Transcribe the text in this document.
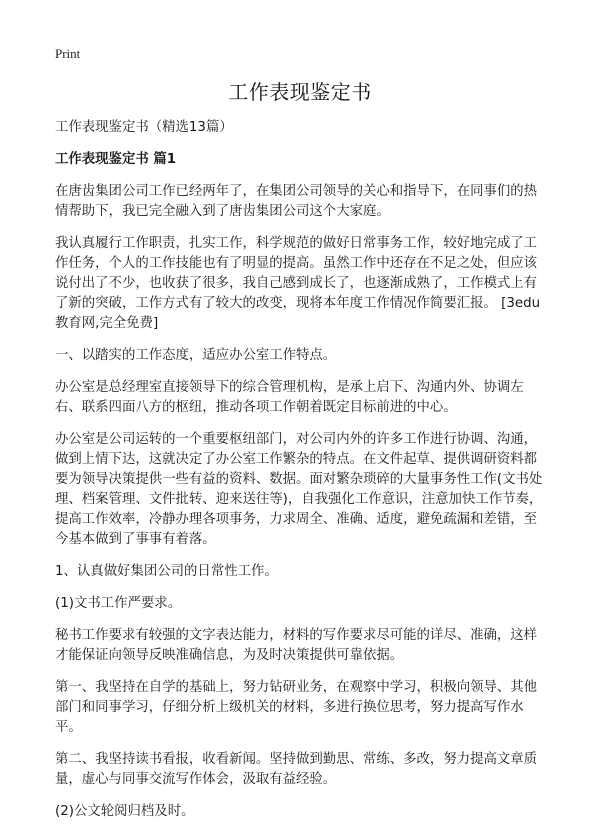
Print
工作表现鉴定书

工作表现鉴定书（精选13篇）

工作表现鉴定书 篇1

在唐齿集团公司工作已经两年了，在集团公司领导的关心和指导下，在同事们的热情帮助下，我已完全融入到了唐齿集团公司这个大家庭。

我认真履行工作职责，扎实工作，科学规范的做好日常事务工作，较好地完成了工作任务，个人的工作技能也有了明显的提高。虽然工作中还存在不足之处，但应该说付出了不少，也收获了很多，我自己感到成长了，也逐渐成熟了，工作模式上有了新的突破，工作方式有了较大的改变，现将本年度工作情况作简要汇报。 [3edu教育网,完全免费]

一、以踏实的工作态度，适应办公室工作特点。

办公室是总经理室直接领导下的综合管理机构，是承上启下、沟通内外、协调左右、联系四面八方的枢纽，推动各项工作朝着既定目标前进的中心。

办公室是公司运转的一个重要枢纽部门，对公司内外的许多工作进行协调、沟通，做到上情下达，这就决定了办公室工作繁杂的特点。在文件起草、提供调研资料都要为领导决策提供一些有益的资料、数据。面对繁杂琐碎的大量事务性工作(文书处理、档案管理、文件批转、迎来送往等)，自我强化工作意识，注意加快工作节奏，提高工作效率，冷静办理各项事务，力求周全、准确、适度，避免疏漏和差错，至今基本做到了事事有着落。

1、认真做好集团公司的日常性工作。

(1)文书工作严要求。

秘书工作要求有较强的文字表达能力，材料的写作要求尽可能的详尽、准确，这样才能保证向领导反映准确信息，为及时决策提供可靠依据。

第一、我坚持在自学的基础上，努力钻研业务，在观察中学习，积极向领导、其他部门和同事学习，仔细分析上级机关的材料，多进行换位思考，努力提高写作水平。

第二、我坚持读书看报，收看新闻。坚持做到勤思、常练、多改，努力提高文章质量，虚心与同事交流写作体会，汲取有益经验。

(2)公文轮阅归档及时。
